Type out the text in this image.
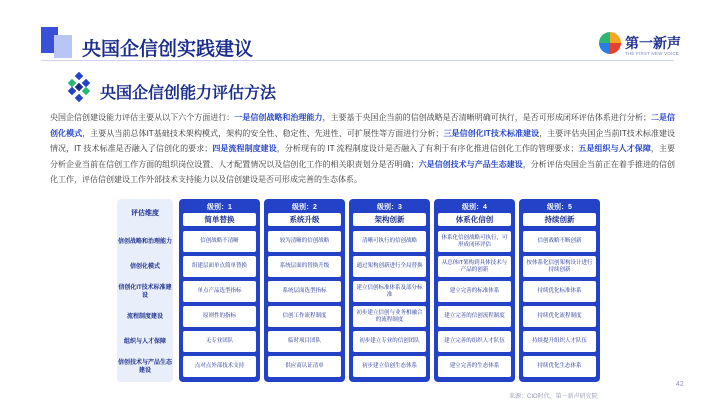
央国企信创实践建议	第一新声
THE FIRST NEW VOICE
央国企信创能力评估方法
央国企信创建设能力评估主要从以下六个方面进行：一是信创战略和治理能力，主要基于央国企当前的信创战略是否清晰明确可执行，是否可形成闭环评估体系进行分析；二是信创化模式，主要从当前总体IT基础技术架构模式，架构的安全性、稳定性、先进性、可扩展性等方面进行分析；三是信创化IT技术标准建设，主要评估央国企当前IT技术标准建设情况，IT 技术标准是否融入了信创化的要求；四是流程制度建设，分析现有的 IT 流程制度设计是否融入了有利于有序化推进信创化工作的管理要求；五是组织与人才保障，主要分析企业当前在信创工作方面的组织岗位设置、人才配置情况以及信创化工作的相关职责划分是否明确；六是信创技术与产品生态建设，分析评估央国企当前正在着手推进的信创化工作，评估信创建设工作外部技术支持能力以及信创建设是否可形成完善的生态体系。
评估维度
信创战略和治理能力
信创化模式
信创化IT技术标准建设
流程制度建设
组织与人才保障
信创技术与产品生态建设
级别：1
简单替换
信创战略不清晰
组建层面单点简单替换
单点产品选型指标
原则性的指标
无专业团队
点对点外部技术支持
级别：2
系统升级
较为清晰的信创战略
系统层面的替换升级
系统层面选型指标
信创工作流程制度
临时项目团队
供应商认证清单
级别：3
架构创新
清晰可执行的信创战略
通过架构创新进行全局替换
建立信创标准体系及部分标准
初步建立信创与业务相融合的流程制度
初步建立专业的信创团队
初步建立信创生态体系
级别：4
体系化信创
体系化信创战略可执行，可形成闭环评估
从总体IT架构到具体技术与产品的创新
建立完善的标准体系
建立完善的信创流程制度
建立完善的组织人才队伍
建立完善的生态体系
级别：5
持续创新
信创战略不断创新
按体系化信创架构设计进行持续创新
持续优化标准体系
持续优化流程制度
持续提升组织人才队伍
持续优化生态体系
来源：CIO时代、第一新声研究院
42
